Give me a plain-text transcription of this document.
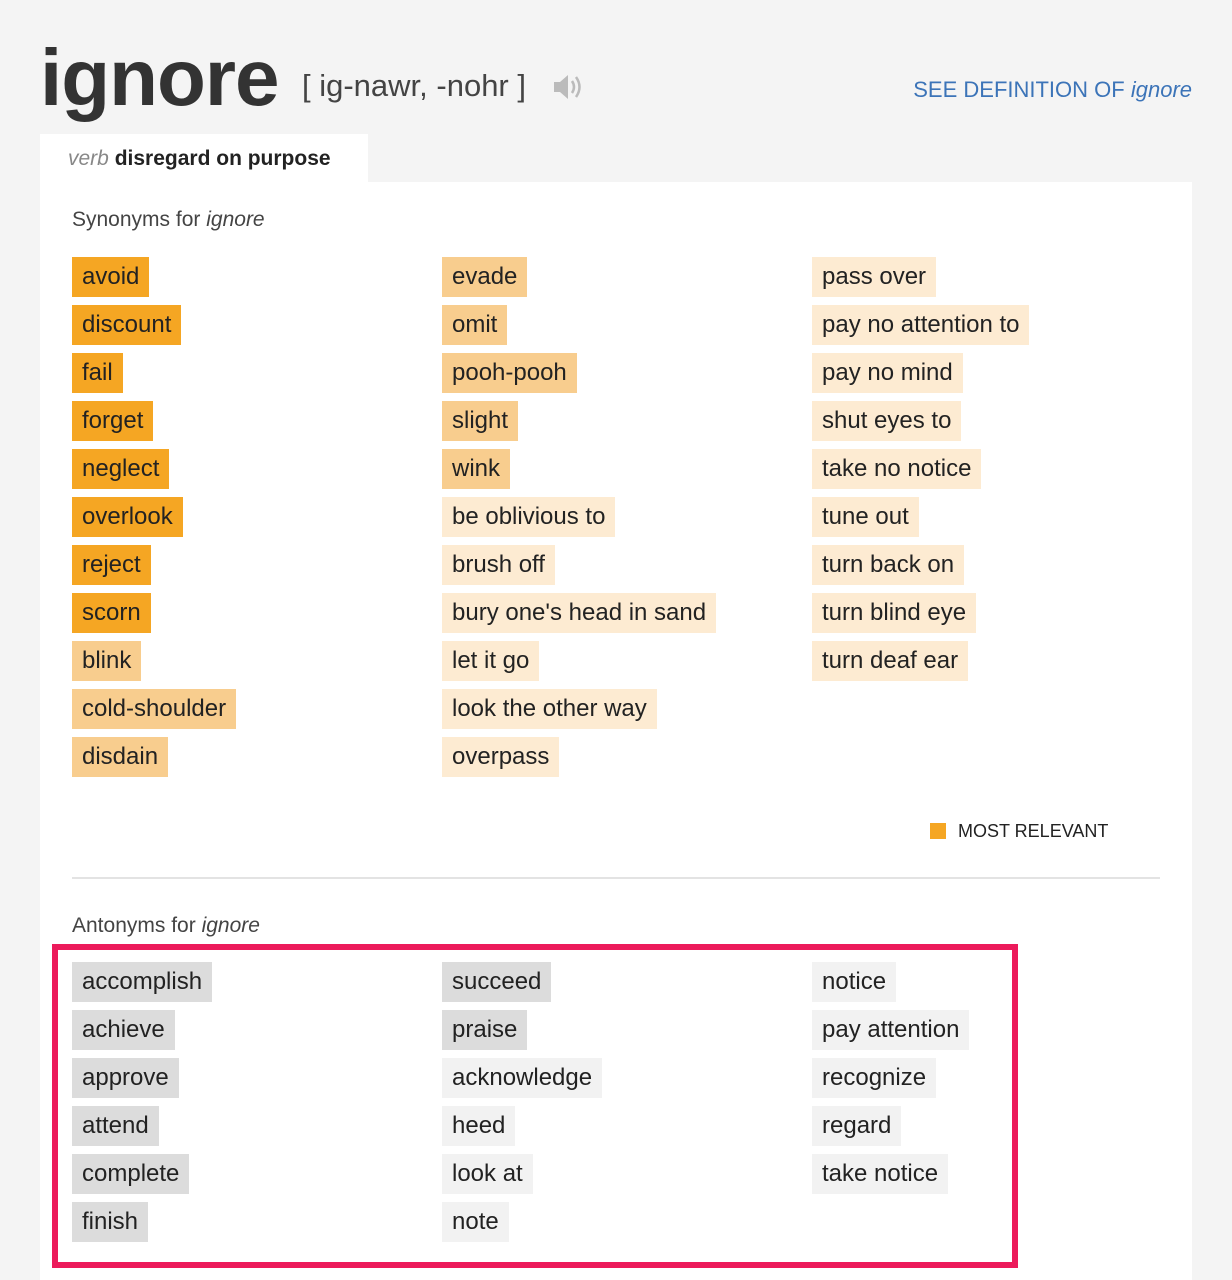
ignore [ ig-nawr, -nohr ]	SEE DEFINITION OF ignore
verb disregard on purpose
Synonyms for ignore
avoid
discount
fail
forget
neglect
overlook
reject
scorn
blink
cold-shoulder
disdain
evade
omit
pooh-pooh
slight
wink
be oblivious to
brush off
bury one's head in sand
let it go
look the other way
overpass
pass over
pay no attention to
pay no mind
shut eyes to
take no notice
tune out
turn back on
turn blind eye
turn deaf ear
MOST RELEVANT
Antonyms for ignore
accomplish
achieve
approve
attend
complete
finish
succeed
praise
acknowledge
heed
look at
note
notice
pay attention
recognize
regard
take notice
